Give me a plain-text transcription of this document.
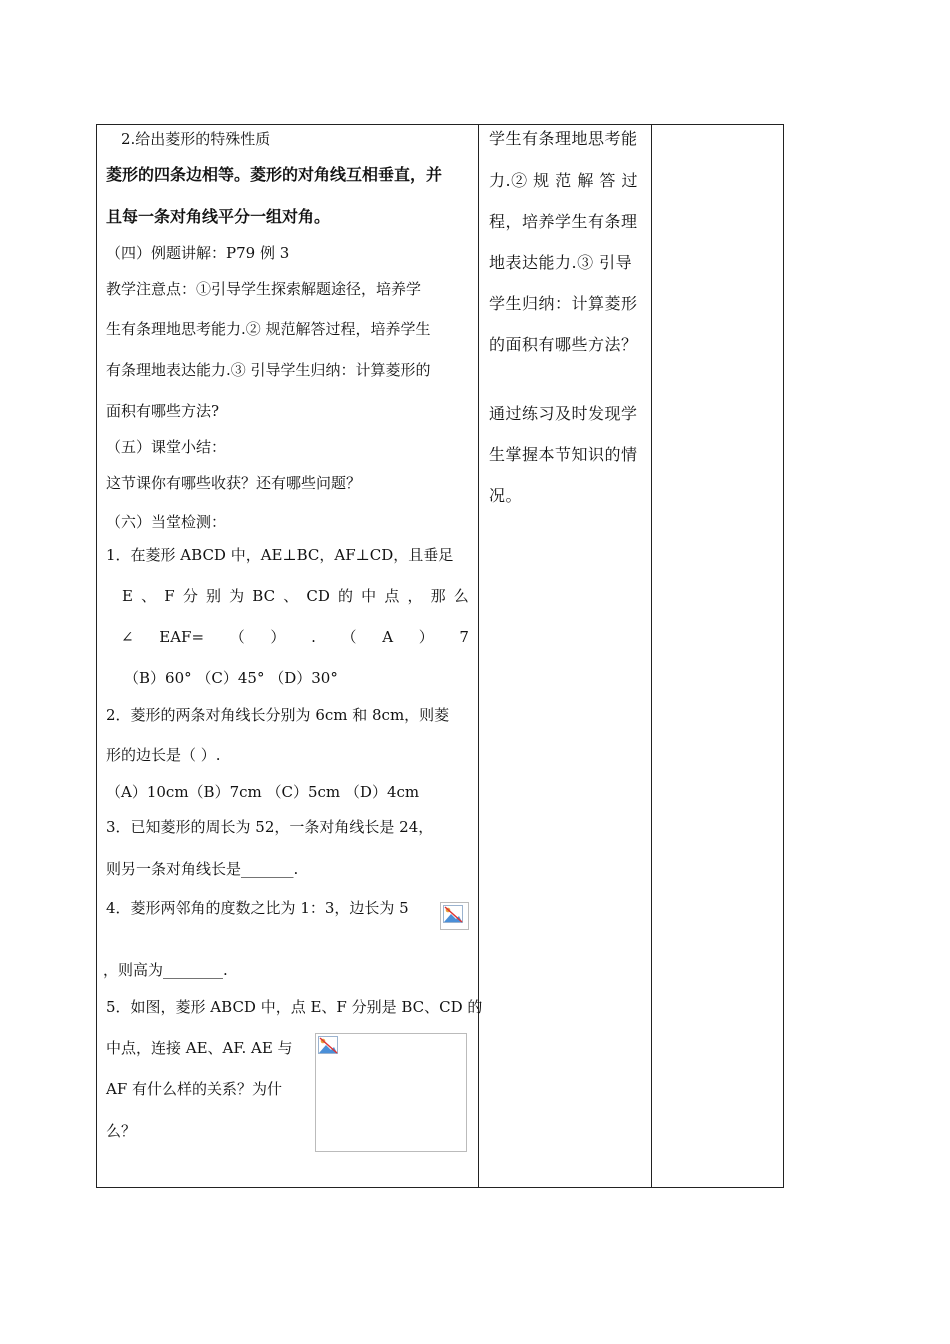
2.给出菱形的特殊性质
菱形的四条边相等。菱形的对角线互相垂直，并
且每一条对角线平分一组对角。
（四）例题讲解：P79 例 3
教学注意点：①引导学生探索解题途径，培养学
生有条理地思考能力.② 规范解答过程，培养学生
有条理地表达能力.③ 引导学生归纳：计算菱形的
面积有哪些方法?
（五）课堂小结：
这节课你有哪些收获？还有哪些问题？
（六）当堂检测：
1．在菱形 ABCD 中，AE⊥BC，AF⊥CD，且垂足
E 、 F 分 别 为 BC 、 CD 的 中 点 ， 那 么
∠ EAF= （ ） . （ A ） 7
（B）60° （C）45° （D）30°
2．菱形的两条对角线长分别为 6cm 和 8cm，则菱
形的边长是（ ）.
（A）10cm（B）7cm （C）5cm （D）4cm
3．已知菱形的周长为 52，一条对角线长是 24，
则另一条对角线长是_______.
4．菱形两邻角的度数之比为 1：3，边长为 5
，则高为________.
5．如图，菱形 ABCD 中，点 E、F 分别是 BC、CD 的
中点，连接 AE、AF. AE 与
AF 有什么样的关系？为什
么？
学生有条理地思考能
力.② 规 范 解 答 过
程，培养学生有条理
地表达能力.③ 引导
学生归纳：计算菱形
的面积有哪些方法？
通过练习及时发现学
生掌握本节知识的情
况。
